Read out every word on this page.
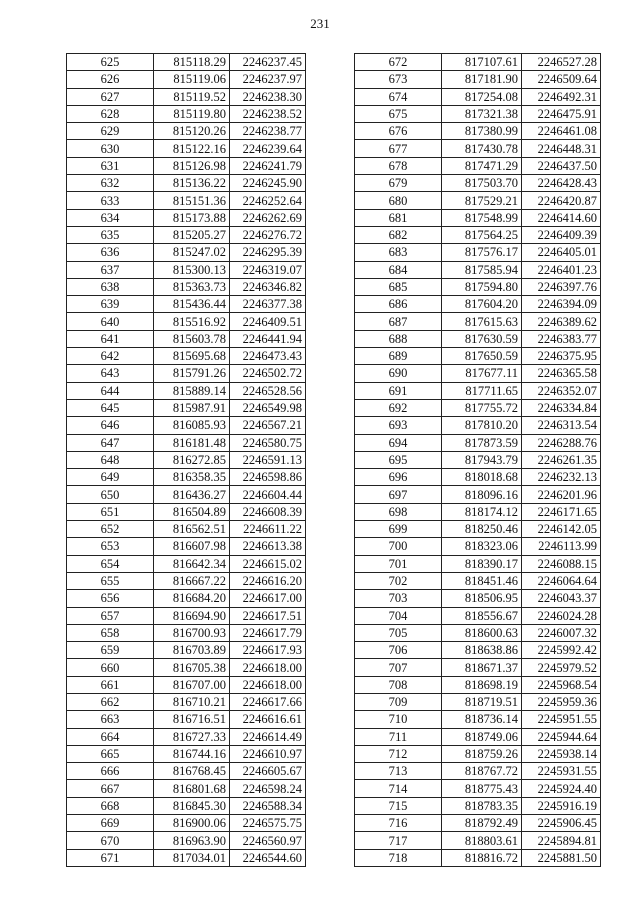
231
625	815118.29	2246237.45
626	815119.06	2246237.97
627	815119.52	2246238.30
628	815119.80	2246238.52
629	815120.26	2246238.77
630	815122.16	2246239.64
631	815126.98	2246241.79
632	815136.22	2246245.90
633	815151.36	2246252.64
634	815173.88	2246262.69
635	815205.27	2246276.72
636	815247.02	2246295.39
637	815300.13	2246319.07
638	815363.73	2246346.82
639	815436.44	2246377.38
640	815516.92	2246409.51
641	815603.78	2246441.94
642	815695.68	2246473.43
643	815791.26	2246502.72
644	815889.14	2246528.56
645	815987.91	2246549.98
646	816085.93	2246567.21
647	816181.48	2246580.75
648	816272.85	2246591.13
649	816358.35	2246598.86
650	816436.27	2246604.44
651	816504.89	2246608.39
652	816562.51	2246611.22
653	816607.98	2246613.38
654	816642.34	2246615.02
655	816667.22	2246616.20
656	816684.20	2246617.00
657	816694.90	2246617.51
658	816700.93	2246617.79
659	816703.89	2246617.93
660	816705.38	2246618.00
661	816707.00	2246618.00
662	816710.21	2246617.66
663	816716.51	2246616.61
664	816727.33	2246614.49
665	816744.16	2246610.97
666	816768.45	2246605.67
667	816801.68	2246598.24
668	816845.30	2246588.34
669	816900.06	2246575.75
670	816963.90	2246560.97
671	817034.01	2246544.60
672	817107.61	2246527.28
673	817181.90	2246509.64
674	817254.08	2246492.31
675	817321.38	2246475.91
676	817380.99	2246461.08
677	817430.78	2246448.31
678	817471.29	2246437.50
679	817503.70	2246428.43
680	817529.21	2246420.87
681	817548.99	2246414.60
682	817564.25	2246409.39
683	817576.17	2246405.01
684	817585.94	2246401.23
685	817594.80	2246397.76
686	817604.20	2246394.09
687	817615.63	2246389.62
688	817630.59	2246383.77
689	817650.59	2246375.95
690	817677.11	2246365.58
691	817711.65	2246352.07
692	817755.72	2246334.84
693	817810.20	2246313.54
694	817873.59	2246288.76
695	817943.79	2246261.35
696	818018.68	2246232.13
697	818096.16	2246201.96
698	818174.12	2246171.65
699	818250.46	2246142.05
700	818323.06	2246113.99
701	818390.17	2246088.15
702	818451.46	2246064.64
703	818506.95	2246043.37
704	818556.67	2246024.28
705	818600.63	2246007.32
706	818638.86	2245992.42
707	818671.37	2245979.52
708	818698.19	2245968.54
709	818719.51	2245959.36
710	818736.14	2245951.55
711	818749.06	2245944.64
712	818759.26	2245938.14
713	818767.72	2245931.55
714	818775.43	2245924.40
715	818783.35	2245916.19
716	818792.49	2245906.45
717	818803.61	2245894.81
718	818816.72	2245881.50
